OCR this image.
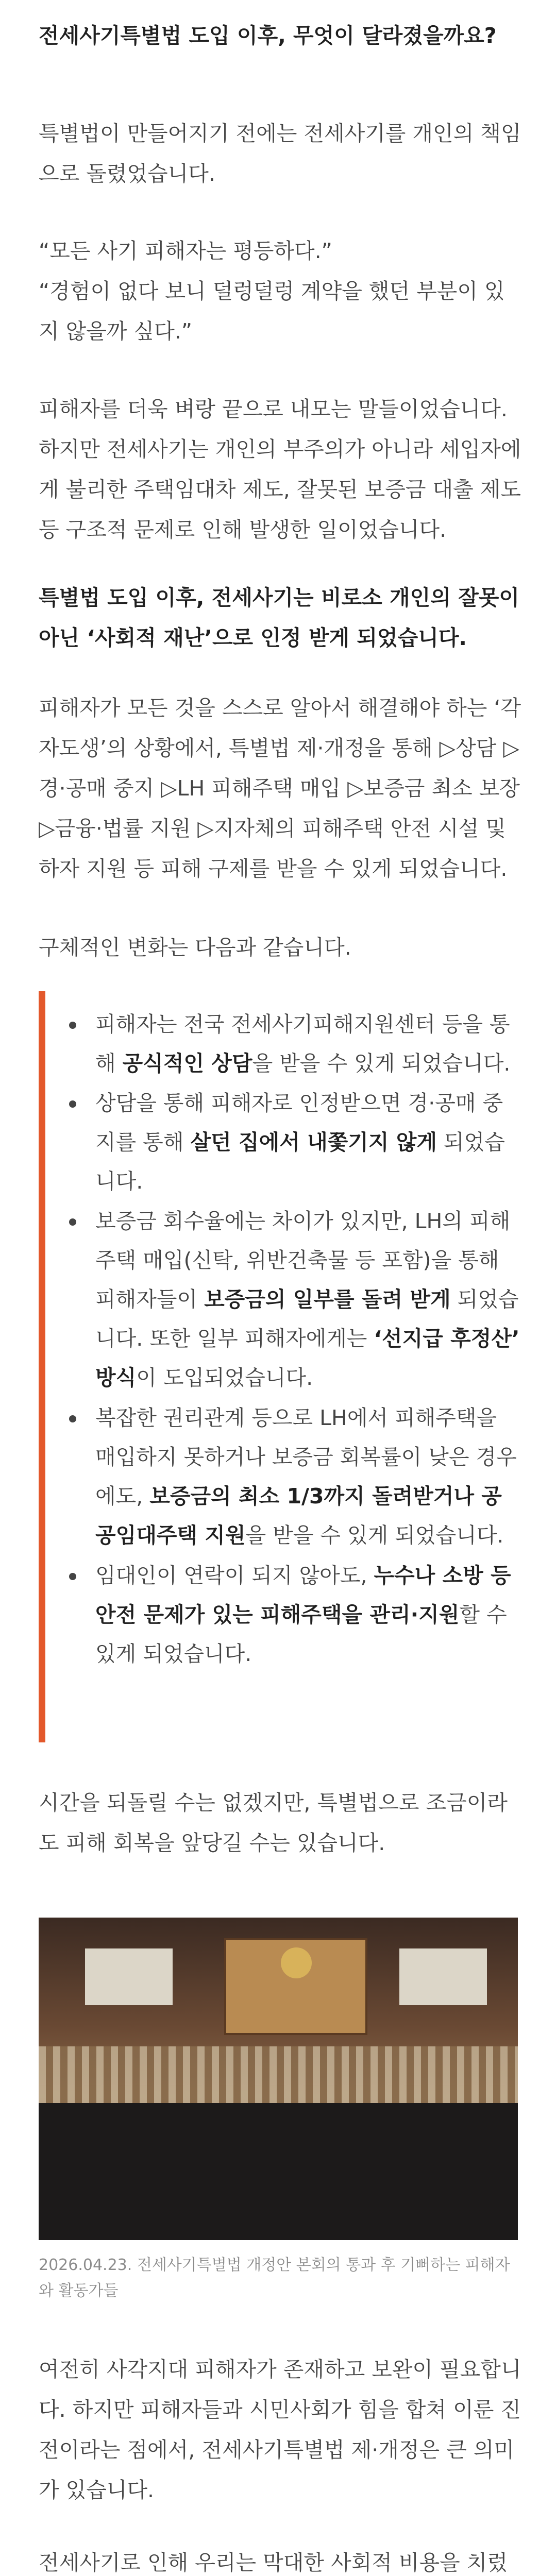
전세사기특별법 도입 이후, 무엇이 달라졌을까요?

특별법이 만들어지기 전에는 전세사기를 개인의 책임으로 돌렸었습니다.

“모든 사기 피해자는 평등하다.”

“경험이 없다 보니 덜렁덜렁 계약을 했던 부분이 있지 않을까 싶다.”

피해자를 더욱 벼랑 끝으로 내모는 말들이었습니다. 하지만 전세사기는 개인의 부주의가 아니라 세입자에게 불리한 주택임대차 제도, 잘못된 보증금 대출 제도 등 구조적 문제로 인해 발생한 일이었습니다.

특별법 도입 이후, 전세사기는 비로소 개인의 잘못이 아닌 ‘사회적 재난’으로 인정 받게 되었습니다.

피해자가 모든 것을 스스로 알아서 해결해야 하는 ‘각자도생’의 상황에서, 특별법 제·개정을 통해 ▷상담 ▷경·공매 중지 ▷LH 피해주택 매입 ▷보증금 최소 보장 ▷금융·법률 지원 ▷지자체의 피해주택 안전 시설 및 하자 지원 등 피해 구제를 받을 수 있게 되었습니다.

구체적인 변화는 다음과 같습니다.

피해자는 전국 전세사기피해지원센터 등을 통해 공식적인 상담을 받을 수 있게 되었습니다.
상담을 통해 피해자로 인정받으면 경·공매 중지를 통해 살던 집에서 내쫓기지 않게 되었습니다.
보증금 회수율에는 차이가 있지만, LH의 피해주택 매입(신탁, 위반건축물 등 포함)을 통해 피해자들이 보증금의 일부를 돌려 받게 되었습니다. 또한 일부 피해자에게는 ‘선지급 후정산’ 방식이 도입되었습니다.
복잡한 권리관계 등으로 LH에서 피해주택을 매입하지 못하거나 보증금 회복률이 낮은 경우에도, 보증금의 최소 1/3까지 돌려받거나 공공임대주택 지원을 받을 수 있게 되었습니다.
임대인이 연락이 되지 않아도, 누수나 소방 등 안전 문제가 있는 피해주택을 관리·지원할 수 있게 되었습니다.

시간을 되돌릴 수는 없겠지만, 특별법으로 조금이라도 피해 회복을 앞당길 수는 있습니다.

2026.04.23. 전세사기특별법 개정안 본회의 통과 후 기뻐하는 피해자와 활동가들

여전히 사각지대 피해자가 존재하고 보완이 필요합니다. 하지만 피해자들과 시민사회가 힘을 합쳐 이룬 진전이라는 점에서, 전세사기특별법 제·개정은 큰 의미가 있습니다.

전세사기로 인해 우리는 막대한 사회적 비용을 치렀
